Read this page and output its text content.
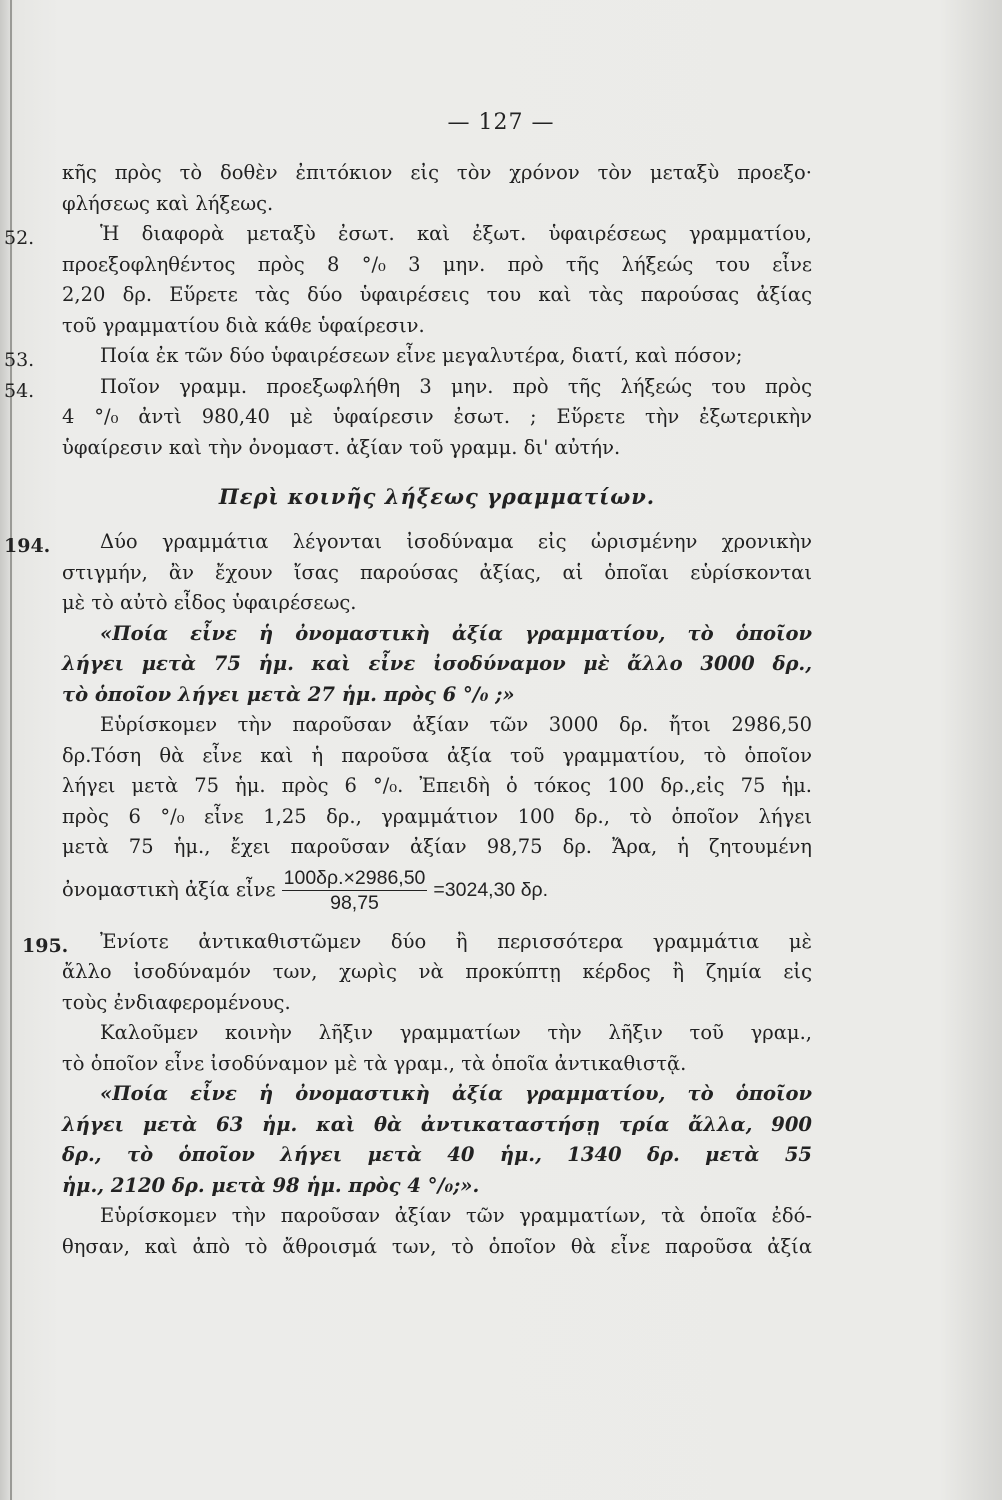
— 127 —
κῆς πρὸς τὸ δοθὲν ἐπιτόκιον εἰς τὸν χρόνον τὸν μεταξὺ προεξο·
φλήσεως καὶ λήξεως.
52.	Ἡ διαφορὰ μεταξὺ ἐσωτ. καὶ ἐξωτ. ὑφαιρέσεως γραμματίου,
προεξοφληθέντος πρὸς 8 °/₀ 3 μην. πρὸ τῆς λήξεώς του εἶνε
2,20 δρ. Εὕρετε τὰς δύο ὑφαιρέσεις του καὶ τὰς παρούσας ἀξίας
τοῦ γραμματίου διὰ κάθε ὑφαίρεσιν.
53.	Ποία ἐκ τῶν δύο ὑφαιρέσεων εἶνε μεγαλυτέρα, διατί, καὶ πόσον;
54.	Ποῖον γραμμ. προεξωφλήθη 3 μην. πρὸ τῆς λήξεώς του πρὸς
4 °/₀ ἀντὶ 980,40 μὲ ὑφαίρεσιν ἐσωτ. ; Εὕρετε τὴν ἐξωτερικὴν
ὑφαίρεσιν καὶ τὴν ὀνομαστ. ἀξίαν τοῦ γραμμ. δι' αὐτήν.
Περὶ κοινῆς λήξεως γραμματίων.
194.	Δύο γραμμάτια λέγονται ἰσοδύναμα εἰς ὡρισμένην χρονικὴν
στιγμήν, ἂν ἔχουν ἴσας παρούσας ἀξίας, αἱ ὁποῖαι εὑρίσκονται
μὲ τὸ αὐτὸ εἶδος ὑφαιρέσεως.
«Ποία εἶνε ἡ ὀνομαστικὴ ἀξία γραμματίου, τὸ ὁποῖον
λήγει μετὰ 75 ἡμ. καὶ εἶνε ἰσοδύναμον μὲ ἄλλο 3000 δρ.,
τὸ ὁποῖον λήγει μετὰ 27 ἡμ. πρὸς 6 °/₀ ;»
Εὑρίσκομεν τὴν παροῦσαν ἀξίαν τῶν 3000 δρ. ἤτοι 2986,50
δρ.Τόση θὰ εἶνε καὶ ἡ παροῦσα ἀξία τοῦ γραμματίου, τὸ ὁποῖον
λήγει μετὰ 75 ἡμ. πρὸς 6 °/₀. Ἐπειδὴ ὁ τόκος 100 δρ.,εἰς 75 ἡμ.
πρὸς 6 °/₀ εἶνε 1,25 δρ., γραμμάτιον 100 δρ., τὸ ὁποῖον λήγει
μετὰ 75 ἡμ., ἔχει παροῦσαν ἀξίαν 98,75 δρ. Ἄρα, ἡ ζητουμένη
ὀνομαστικὴ ἀξία εἶνε $\frac{100\delta\rho.\times 2986,50}{98,75} =3024,30$ δρ.
195.	Ἐνίοτε ἀντικαθιστῶμεν δύο ἢ περισσότερα γραμμάτια μὲ
ἄλλο ἰσοδύναμόν των, χωρὶς νὰ προκύπτῃ κέρδος ἢ ζημία εἰς
τοὺς ἐνδιαφερομένους.
Καλοῦμεν κοινὴν λῆξιν γραμματίων τὴν λῆξιν τοῦ γραμ.,
τὸ ὁποῖον εἶνε ἰσοδύναμον μὲ τὰ γραμ., τὰ ὁποῖα ἀντικαθιστᾷ.
«Ποία εἶνε ἡ ὀνομαστικὴ ἀξία γραμματίου, τὸ ὁποῖον
λήγει μετὰ 63 ἡμ. καὶ θὰ ἀντικαταστήσῃ τρία ἄλλα, 900
δρ., τὸ ὁποῖον λήγει μετὰ 40 ἡμ., 1340 δρ. μετὰ 55
ἡμ., 2120 δρ. μετὰ 98 ἡμ. πρὸς 4 °/₀;».
Εὑρίσκομεν τὴν παροῦσαν ἀξίαν τῶν γραμματίων, τὰ ὁποῖα ἐδό-
θησαν, καὶ ἀπὸ τὸ ἄθροισμά των, τὸ ὁποῖον θὰ εἶνε παροῦσα ἀξία
